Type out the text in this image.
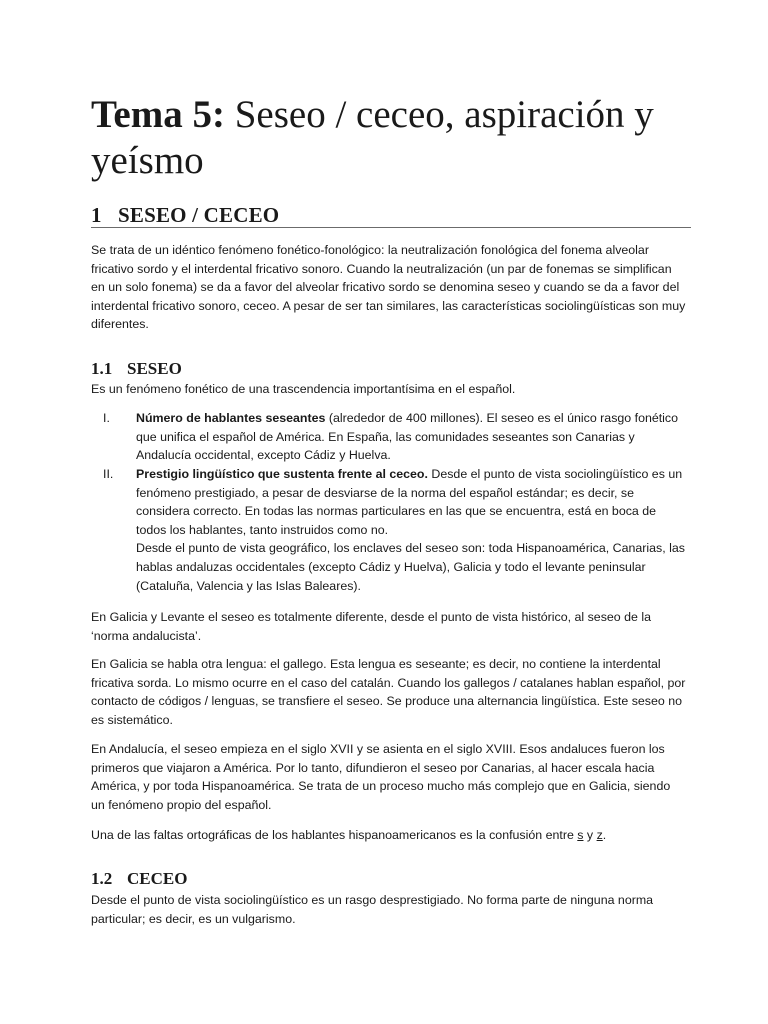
Tema 5: Seseo / ceceo, aspiración y yeísmo
1 SESEO / CECEO

Se trata de un idéntico fenómeno fonético-fonológico: la neutralización fonológica del fonema alveolar fricativo sordo y el interdental fricativo sonoro. Cuando la neutralización (un par de fonemas se simplifican en un solo fonema) se da a favor del alveolar fricativo sordo se denomina seseo y cuando se da a favor del interdental fricativo sonoro, ceceo. A pesar de ser tan similares, las características sociolingüísticas son muy diferentes.

1.1 SESEO

Es un fenómeno fonético de una trascendencia importantísima en el español.

I. Número de hablantes seseantes (alrededor de 400 millones). El seseo es el único rasgo fonético que unifica el español de América. En España, las comunidades seseantes son Canarias y Andalucía occidental, excepto Cádiz y Huelva.
II. Prestigio lingüístico que sustenta frente al ceceo. Desde el punto de vista sociolingüístico es un fenómeno prestigiado, a pesar de desviarse de la norma del español estándar; es decir, se considera correcto. En todas las normas particulares en las que se encuentra, está en boca de todos los hablantes, tanto instruidos como no.
Desde el punto de vista geográfico, los enclaves del seseo son: toda Hispanoamérica, Canarias, las hablas andaluzas occidentales (excepto Cádiz y Huelva), Galicia y todo el levante peninsular (Cataluña, Valencia y las Islas Baleares).

En Galicia y Levante el seseo es totalmente diferente, desde el punto de vista histórico, al seseo de la ‘norma andalucista’.

En Galicia se habla otra lengua: el gallego. Esta lengua es seseante; es decir, no contiene la interdental fricativa sorda. Lo mismo ocurre en el caso del catalán. Cuando los gallegos / catalanes hablan español, por contacto de códigos / lenguas, se transfiere el seseo. Se produce una alternancia lingüística. Este seseo no es sistemático.

En Andalucía, el seseo empieza en el siglo XVII y se asienta en el siglo XVIII. Esos andaluces fueron los primeros que viajaron a América. Por lo tanto, difundieron el seseo por Canarias, al hacer escala hacia América, y por toda Hispanoamérica. Se trata de un proceso mucho más complejo que en Galicia, siendo un fenómeno propio del español.

Una de las faltas ortográficas de los hablantes hispanoamericanos es la confusión entre s y z.

1.2 CECEO

Desde el punto de vista sociolingüístico es un rasgo desprestigiado. No forma parte de ninguna norma particular; es decir, es un vulgarismo.
